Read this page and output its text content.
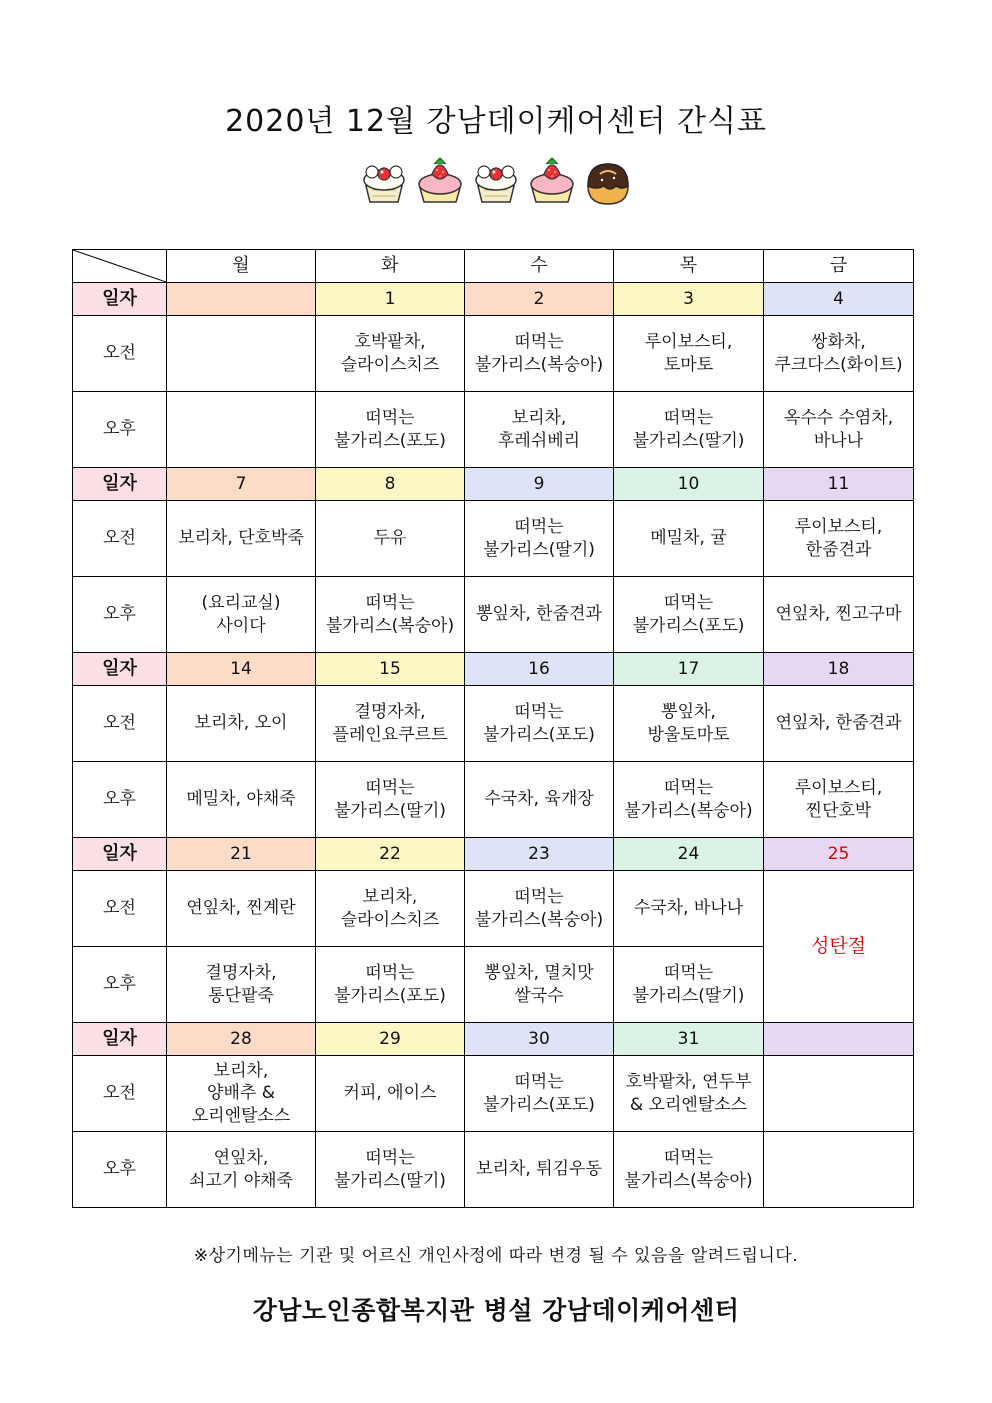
2020년 12월 강남데이케어센터 간식표
	월	화	수	목	금
일자		1	2	3	4
오전		호박팥차,
슬라이스치즈	떠먹는
불가리스(복숭아)	루이보스티,
토마토	쌍화차,
쿠크다스(화이트)
오후		떠먹는
불가리스(포도)	보리차,
후레쉬베리	떠먹는
불가리스(딸기)	옥수수 수염차,
바나나
일자	7	8	9	10	11
오전	보리차, 단호박죽	두유	떠먹는
불가리스(딸기)	메밀차, 귤	루이보스티,
한줌견과
오후	(요리교실)
사이다	떠먹는
불가리스(복숭아)	뽕잎차, 한줌견과	떠먹는
불가리스(포도)	연잎차, 찐고구마
일자	14	15	16	17	18
오전	보리차, 오이	결명자차,
플레인요쿠르트	떠먹는
불가리스(포도)	뽕잎차,
방울토마토	연잎차, 한줌견과
오후	메밀차, 야채죽	떠먹는
불가리스(딸기)	수국차, 육개장	떠먹는
불가리스(복숭아)	루이보스티,
찐단호박
일자	21	22	23	24	25
오전	연잎차, 찐계란	보리차,
슬라이스치즈	떠먹는
불가리스(복숭아)	수국차, 바나나	성탄절
오후	결명자차,
통단팥죽	떠먹는
불가리스(포도)	뽕잎차, 멸치맛
쌀국수	떠먹는
불가리스(딸기)	
일자	28	29	30	31	
오전	보리차,
양배추 &
오리엔탈소스	커피, 에이스	떠먹는
불가리스(포도)	호박팥차, 연두부
& 오리엔탈소스	
오후	연잎차,
쇠고기 야채죽	떠먹는
불가리스(딸기)	보리차, 튀김우동	떠먹는
불가리스(복숭아)	
※상기메뉴는 기관 및 어르신 개인사정에 따라 변경 될 수 있음을 알려드립니다.
강남노인종합복지관 병설 강남데이케어센터
